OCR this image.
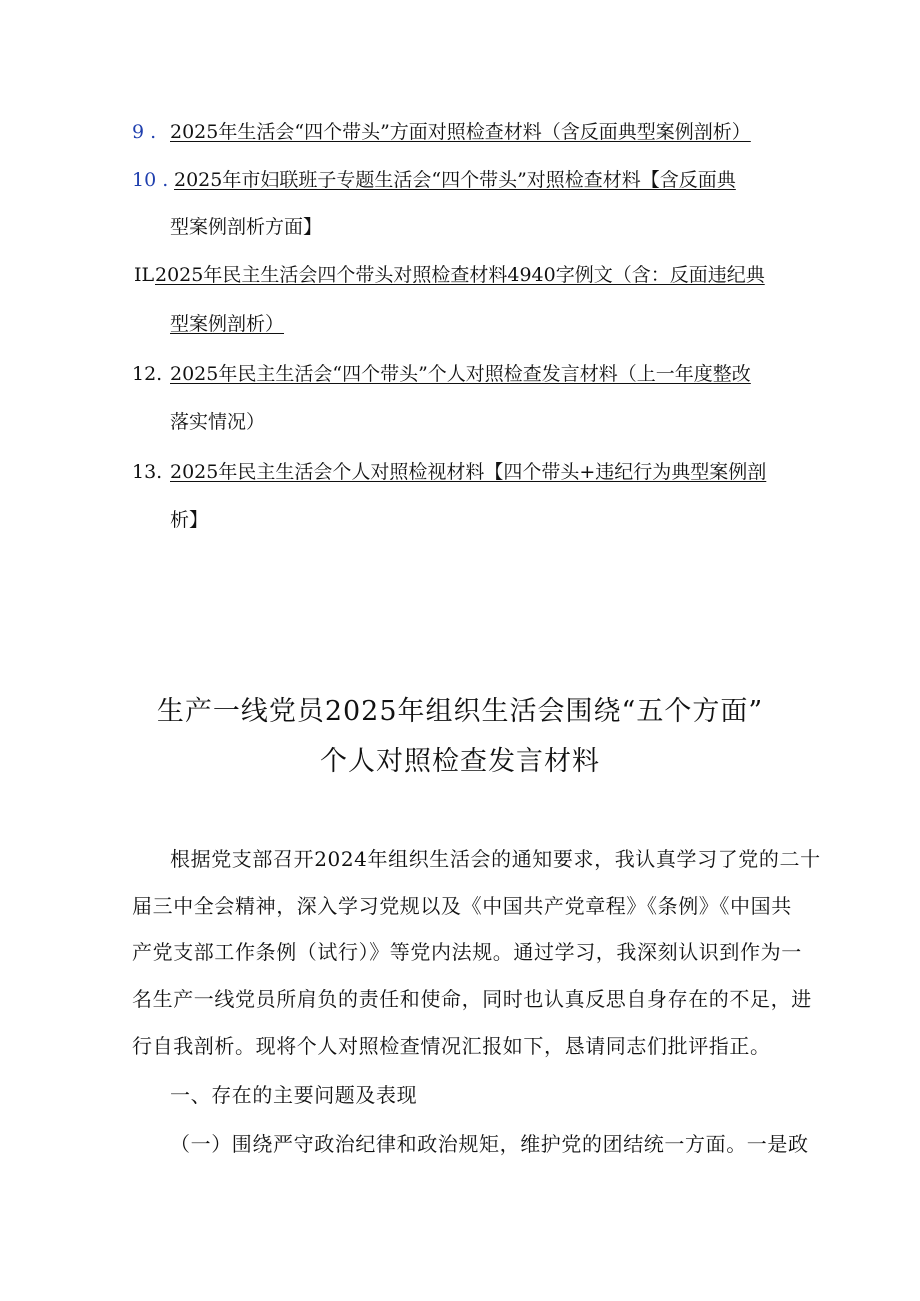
9 . 2025年生活会“四个带头”方面对照检查材料（含反面典型案例剖析）
10 . 2025年市妇联班子专题生活会“四个带头”对照检查材料【含反面典
型案例剖析方面】
IL 2025年民主生活会四个带头对照检查材料4940字例文（含：反面违纪典
型案例剖析）
12. 2025年民主生活会“四个带头”个人对照检查发言材料（上一年度整改
落实情况）
13. 2025年民主生活会个人对照检视材料【四个带头+违纪行为典型案例剖
析】
生产一线党员2025年组织生活会围绕“五个方面”
个人对照检查发言材料
根据党支部召开2024年组织生活会的通知要求，我认真学习了党的二十
届三中全会精神，深入学习党规以及《中国共产党章程》《条例》《中国共
产党支部工作条例（试行）》等党内法规。通过学习，我深刻认识到作为一
名生产一线党员所肩负的责任和使命，同时也认真反思自身存在的不足，进
行自我剖析。现将个人对照检查情况汇报如下，恳请同志们批评指正。
一、存在的主要问题及表现
（一）围绕严守政治纪律和政治规矩，维护党的团结统一方面。一是政
